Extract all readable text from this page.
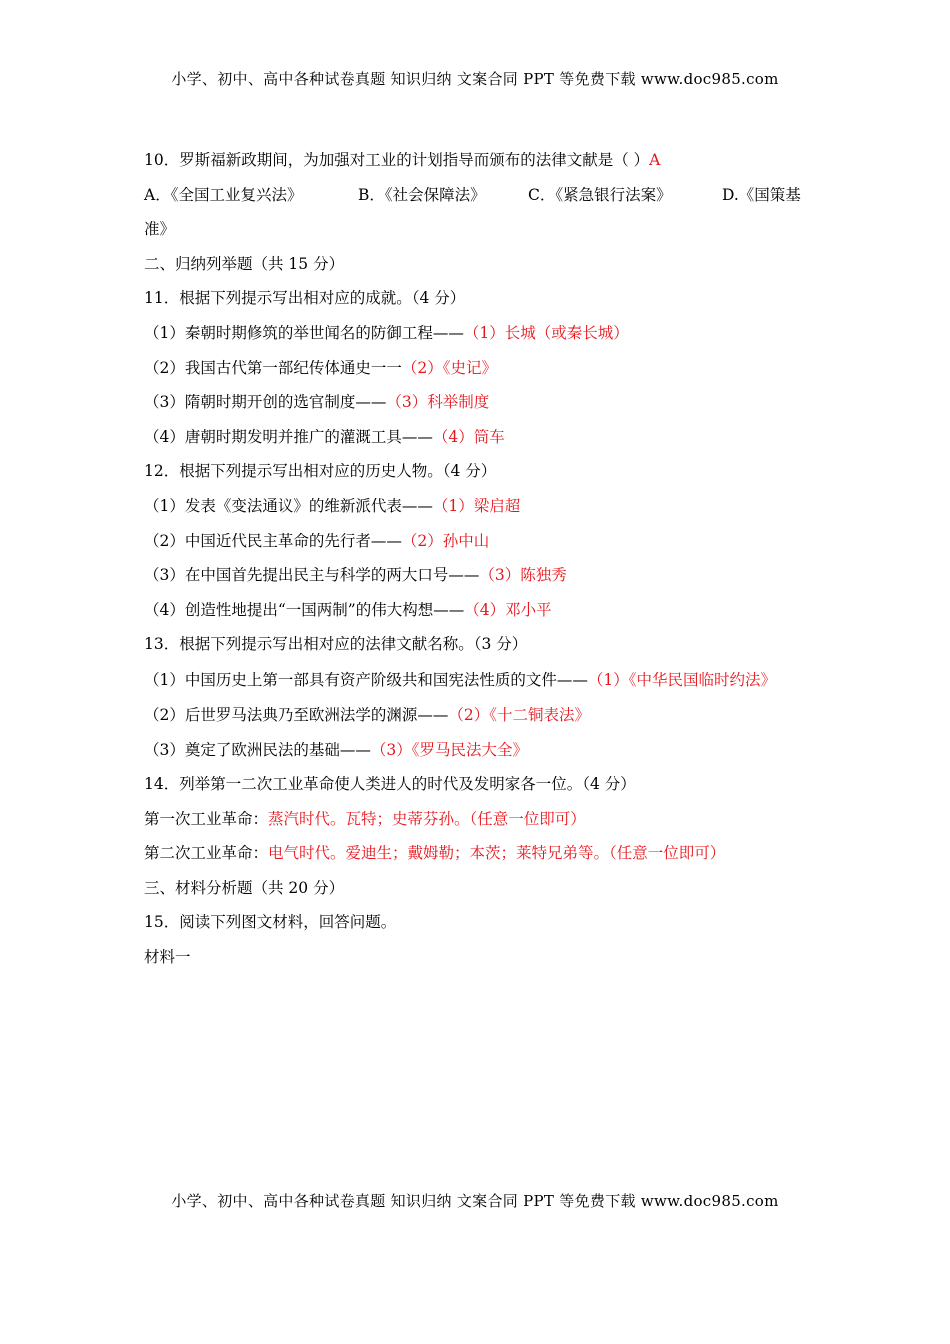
小学、初中、高中各种试卷真题 知识归纳 文案合同 PPT 等免费下载 www.doc985.com
10．罗斯福新政期间，为加强对工业的计划指导而颁布的法律文献是（ ）A
A．《全国工业复兴法》	B．《社会保障法》	C．《紧急银行法案》	D.《国策基
准》
二、归纳列举题（共 15 分）
11．根据下列提示写出相对应的成就。（4 分）
（1）秦朝时期修筑的举世闻名的防御工程——（1）长城（或秦长城）
（2）我国古代第一部纪传体通史一一（2）《史记》
（3）隋朝时期开创的选官制度——（3）科举制度
（4）唐朝时期发明并推广的灌溉工具——（4）筒车
12．根据下列提示写出相对应的历史人物。（4 分）
（1）发表《变法通议》的维新派代表——（1）梁启超
（2）中国近代民主革命的先行者——（2）孙中山
（3）在中国首先提出民主与科学的两大口号——（3）陈独秀
（4）创造性地提出“一国两制”的伟大构想——（4）邓小平
13．根据下列提示写出相对应的法律文献名称。（3 分）
（1）中国历史上第一部具有资产阶级共和国宪法性质的文件——（1）《中华民国临时约法》
（2）后世罗马法典乃至欧洲法学的渊源——（2）《十二铜表法》
（3）奠定了欧洲民法的基础——（3）《罗马民法大全》
14．列举第一二次工业革命使人类进人的时代及发明家各一位。（4 分）
第一次工业革命：蒸汽时代。瓦特；史蒂芬孙。（任意一位即可）
第二次工业革命：电气时代。爱迪生；戴姆勒；本茨；莱特兄弟等。（任意一位即可）
三、材料分析题（共 20 分）
15．阅读下列图文材料，回答问题。
材料一
小学、初中、高中各种试卷真题 知识归纳 文案合同 PPT 等免费下载 www.doc985.com
